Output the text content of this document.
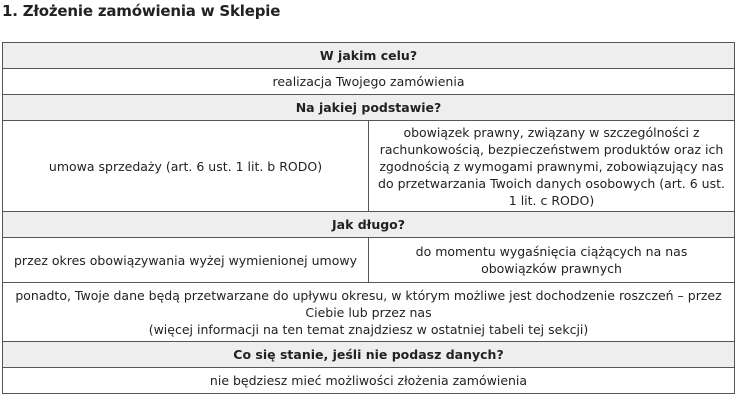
1. Złożenie zamówienia w Sklepie
W jakim celu?	
realizacja Twojego zamówienia	
Na jakiej podstawie?	
umowa sprzedaży (art. 6 ust. 1 lit. b RODO)	obowiązek prawny, związany w szczególności z rachunkowością, bezpieczeństwem produktów oraz ich zgodnością z wymogami prawnymi, zobowiązujący nas do przetwarzania Twoich danych osobowych (art. 6 ust. 1 lit. c RODO)
Jak długo?	
przez okres obowiązywania wyżej wymienionej umowy	do momentu wygaśnięcia ciążących na nas obowiązków prawnych

ponadto, Twoje dane będą przetwarzane do upływu okresu, w którym możliwe jest dochodzenie roszczeń – przez Ciebie lub przez nas
(więcej informacji na ten temat znajdziesz w ostatniej tabeli tej sekcji)	

Co się stanie, jeśli nie podasz danych?	
nie będziesz mieć możliwości złożenia zamówienia	
